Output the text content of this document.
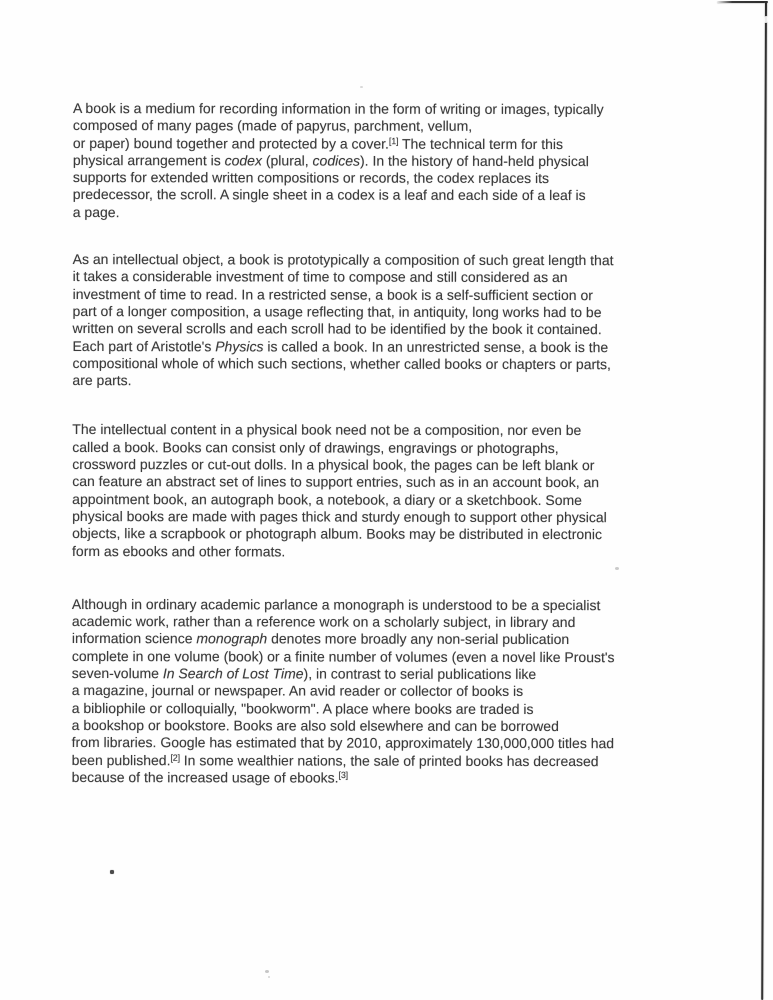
A book is a medium for recording information in the form of writing or images, typically
composed of many pages (made of papyrus, parchment, vellum,
or paper) bound together and protected by a cover.[1] The technical term for this
physical arrangement is codex (plural, codices). In the history of hand-held physical
supports for extended written compositions or records, the codex replaces its
predecessor, the scroll. A single sheet in a codex is a leaf and each side of a leaf is
a page.
As an intellectual object, a book is prototypically a composition of such great length that
it takes a considerable investment of time to compose and still considered as an
investment of time to read. In a restricted sense, a book is a self-sufficient section or
part of a longer composition, a usage reflecting that, in antiquity, long works had to be
written on several scrolls and each scroll had to be identified by the book it contained.
Each part of Aristotle's Physics is called a book. In an unrestricted sense, a book is the
compositional whole of which such sections, whether called books or chapters or parts,
are parts.
The intellectual content in a physical book need not be a composition, nor even be
called a book. Books can consist only of drawings, engravings or photographs,
crossword puzzles or cut-out dolls. In a physical book, the pages can be left blank or
can feature an abstract set of lines to support entries, such as in an account book, an
appointment book, an autograph book, a notebook, a diary or a sketchbook. Some
physical books are made with pages thick and sturdy enough to support other physical
objects, like a scrapbook or photograph album. Books may be distributed in electronic
form as ebooks and other formats.
Although in ordinary academic parlance a monograph is understood to be a specialist
academic work, rather than a reference work on a scholarly subject, in library and
information science monograph denotes more broadly any non-serial publication
complete in one volume (book) or a finite number of volumes (even a novel like Proust's
seven-volume In Search of Lost Time), in contrast to serial publications like
a magazine, journal or newspaper. An avid reader or collector of books is
a bibliophile or colloquially, "bookworm". A place where books are traded is
a bookshop or bookstore. Books are also sold elsewhere and can be borrowed
from libraries. Google has estimated that by 2010, approximately 130,000,000 titles had
been published.[2] In some wealthier nations, the sale of printed books has decreased
because of the increased usage of ebooks.[3]
